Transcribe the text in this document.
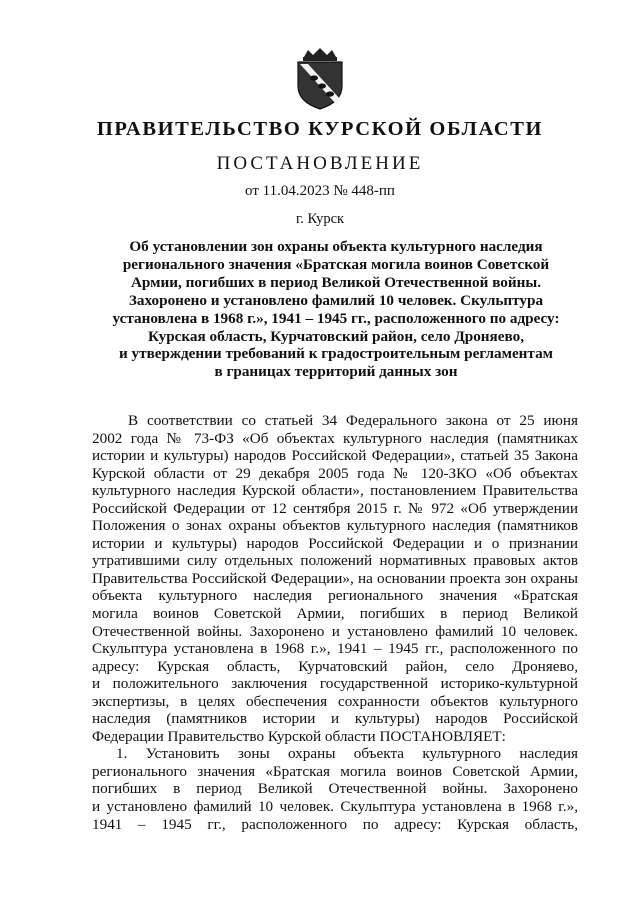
ПРАВИТЕЛЬСТВО КУРСКОЙ ОБЛАСТИ
ПОСТАНОВЛЕНИЕ
от 11.04.2023 № 448-пп
г. Курск
Об установлении зон охраны объекта культурного наследия
регионального значения «Братская могила воинов Советской
Армии, погибших в период Великой Отечественной войны.
Захоронено и установлено фамилий 10 человек. Скульптура
установлена в 1968 г.», 1941 – 1945 гг., расположенного по адресу:
Курская область, Курчатовский район, село Дроняево,
и утверждении требований к градостроительным регламентам
в границах территорий данных зон
В соответствии со статьей 34 Федерального закона от 25 июня
2002 года № 73-ФЗ «Об объектах культурного наследия (памятниках
истории и культуры) народов Российской Федерации», статьей 35 Закона
Курской области от 29 декабря 2005 года № 120-ЗКО «Об объектах
культурного наследия Курской области», постановлением Правительства
Российской Федерации от 12 сентября 2015 г. № 972 «Об утверждении
Положения о зонах охраны объектов культурного наследия (памятников
истории и культуры) народов Российской Федерации и о признании
утратившими силу отдельных положений нормативных правовых актов
Правительства Российской Федерации», на основании проекта зон охраны
объекта культурного наследия регионального значения «Братская
могила воинов Советской Армии, погибших в период Великой
Отечественной войны. Захоронено и установлено фамилий 10 человек.
Скульптура установлена в 1968 г.», 1941 – 1945 гг., расположенного по
адресу: Курская область, Курчатовский район, село Дроняево,
и положительного заключения государственной историко-культурной
экспертизы, в целях обеспечения сохранности объектов культурного
наследия (памятников истории и культуры) народов Российской
Федерации Правительство Курской области ПОСТАНОВЛЯЕТ:
1. Установить зоны охраны объекта культурного наследия
регионального значения «Братская могила воинов Советской Армии,
погибших в период Великой Отечественной войны. Захоронено
и установлено фамилий 10 человек. Скульптура установлена в 1968 г.»,
1941 – 1945 гг., расположенного по адресу: Курская область,
